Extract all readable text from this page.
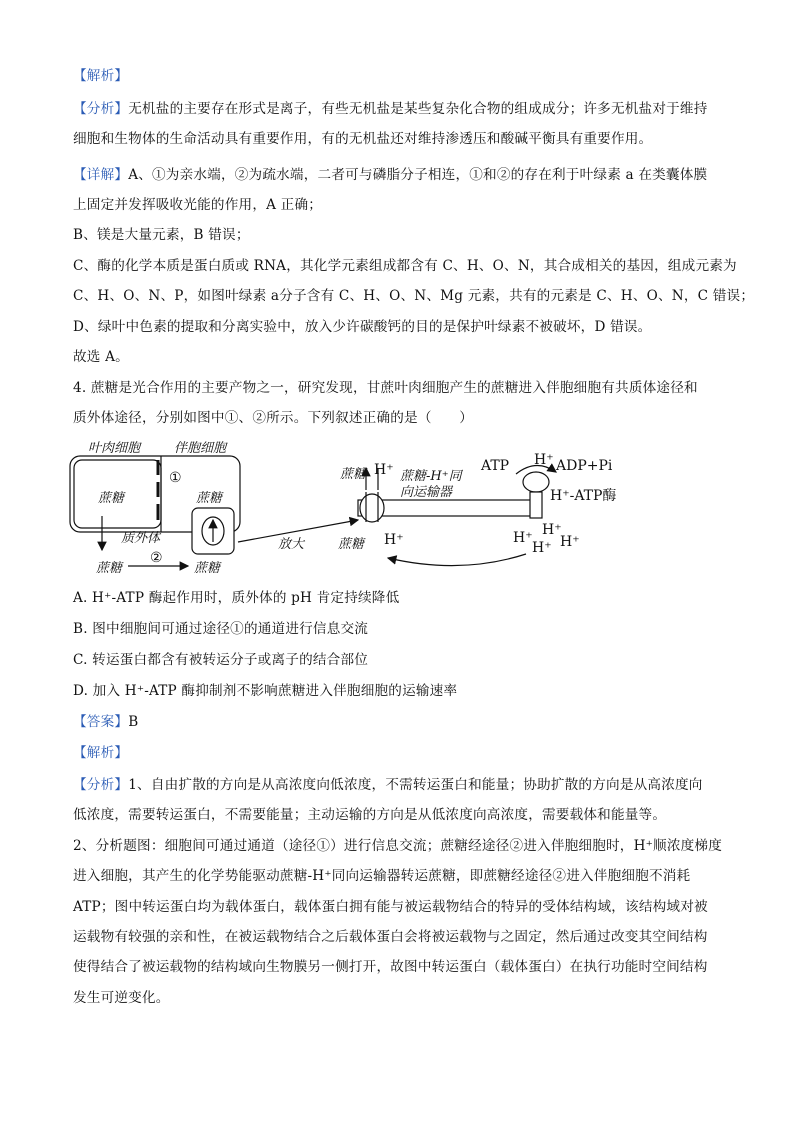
【解析】
【分析】无机盐的主要存在形式是离子，有些无机盐是某些复杂化合物的组成成分；许多无机盐对于维持
细胞和生物体的生命活动具有重要作用，有的无机盐还对维持渗透压和酸碱平衡具有重要作用。
【详解】A、①为亲水端，②为疏水端，二者可与磷脂分子相连，①和②的存在利于叶绿素 a 在类囊体膜
上固定并发挥吸收光能的作用，A 正确；
B、镁是大量元素，B 错误；
C、酶的化学本质是蛋白质或 RNA，其化学元素组成都含有 C、H、O、N，其合成相关的基因，组成元素为
C、H、O、N、P，如图叶绿素 a分子含有 C、H、O、N、Mg 元素，共有的元素是 C、H、O、N，C 错误；
D、绿叶中色素的提取和分离实验中，放入少许碳酸钙的目的是保护叶绿素不被破坏，D 错误。
故选 A。
4. 蔗糖是光合作用的主要产物之一，研究发现，甘蔗叶肉细胞产生的蔗糖进入伴胞细胞有共质体途径和
质外体途径，分别如图中①、②所示。下列叙述正确的是（　　）
叶肉细胞	伴胞细胞
①
蔗糖	蔗糖
质外体
蔗糖
②
蔗糖
放大
蔗糖 H⁺ 蔗糖-H⁺同
向运输器
蔗糖 H⁺
ATP H⁺ ADP+Pi
H⁺-ATP酶
H⁺ H⁺
H⁺ H⁺
A. H⁺-ATP 酶起作用时，质外体的 pH 肯定持续降低
B. 图中细胞间可通过途径①的通道进行信息交流
C. 转运蛋白都含有被转运分子或离子的结合部位
D. 加入 H⁺-ATP 酶抑制剂不影响蔗糖进入伴胞细胞的运输速率
【答案】B
【解析】
【分析】1、自由扩散的方向是从高浓度向低浓度，不需转运蛋白和能量；协助扩散的方向是从高浓度向
低浓度，需要转运蛋白，不需要能量；主动运输的方向是从低浓度向高浓度，需要载体和能量等。
2、分析题图：细胞间可通过通道（途径①）进行信息交流；蔗糖经途径②进入伴胞细胞时，H⁺顺浓度梯度
进入细胞，其产生的化学势能驱动蔗糖-H⁺同向运输器转运蔗糖，即蔗糖经途径②进入伴胞细胞不消耗
ATP；图中转运蛋白均为载体蛋白，载体蛋白拥有能与被运载物结合的特异的受体结构域，该结构域对被
运载物有较强的亲和性，在被运载物结合之后载体蛋白会将被运载物与之固定，然后通过改变其空间结构
使得结合了被运载物的结构域向生物膜另一侧打开，故图中转运蛋白（载体蛋白）在执行功能时空间结构
发生可逆变化。
